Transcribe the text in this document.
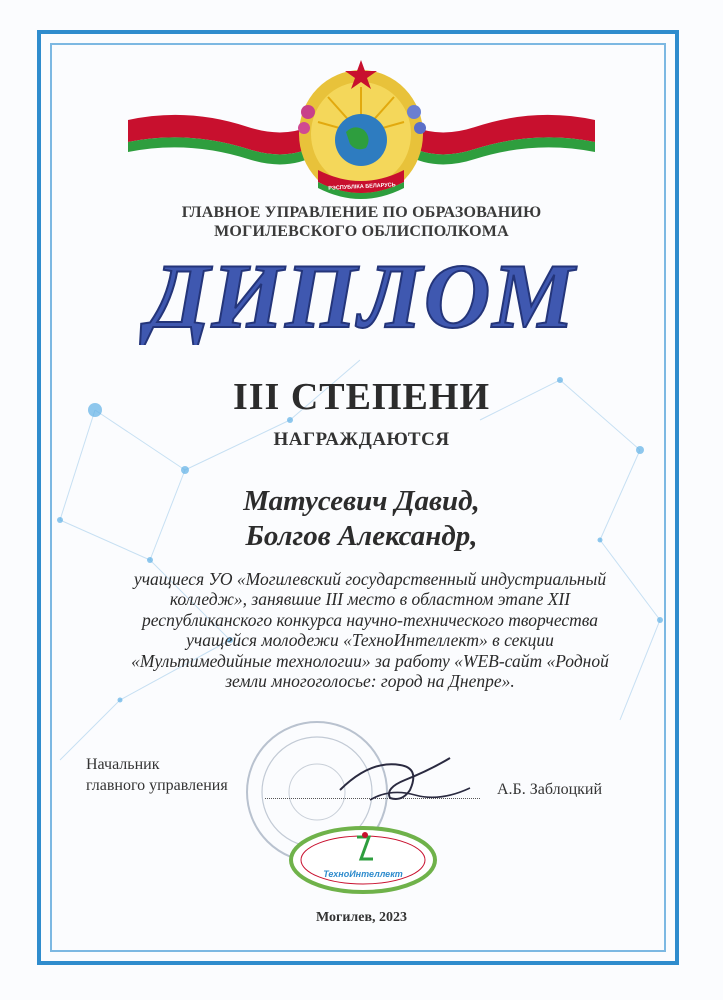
РЭСПУБЛІКА БЕЛАРУСЬ
ГЛАВНОЕ УПРАВЛЕНИЕ ПО ОБРАЗОВАНИЮ
МОГИЛЕВСКОГО ОБЛИСПОЛКОМА
ДИПЛОМ
III СТЕПЕНИ
НАГРАЖДАЮТСЯ
Матусевич Давид,
Болгов Александр,
учащиеся УО «Могилевский государственный индустриальный колледж», занявшие III место в областном этапе XII республиканского конкурса научно-технического творчества учащейся молодежи «ТехноИнтеллект» в секции «Мультимедийные технологии» за работу «WEB-сайт «Родной земли многоголосье: город на Днепре».
Начальник
главного управления	А.Б. Заблоцкий
ТехноИнтеллект
Могилев, 2023
